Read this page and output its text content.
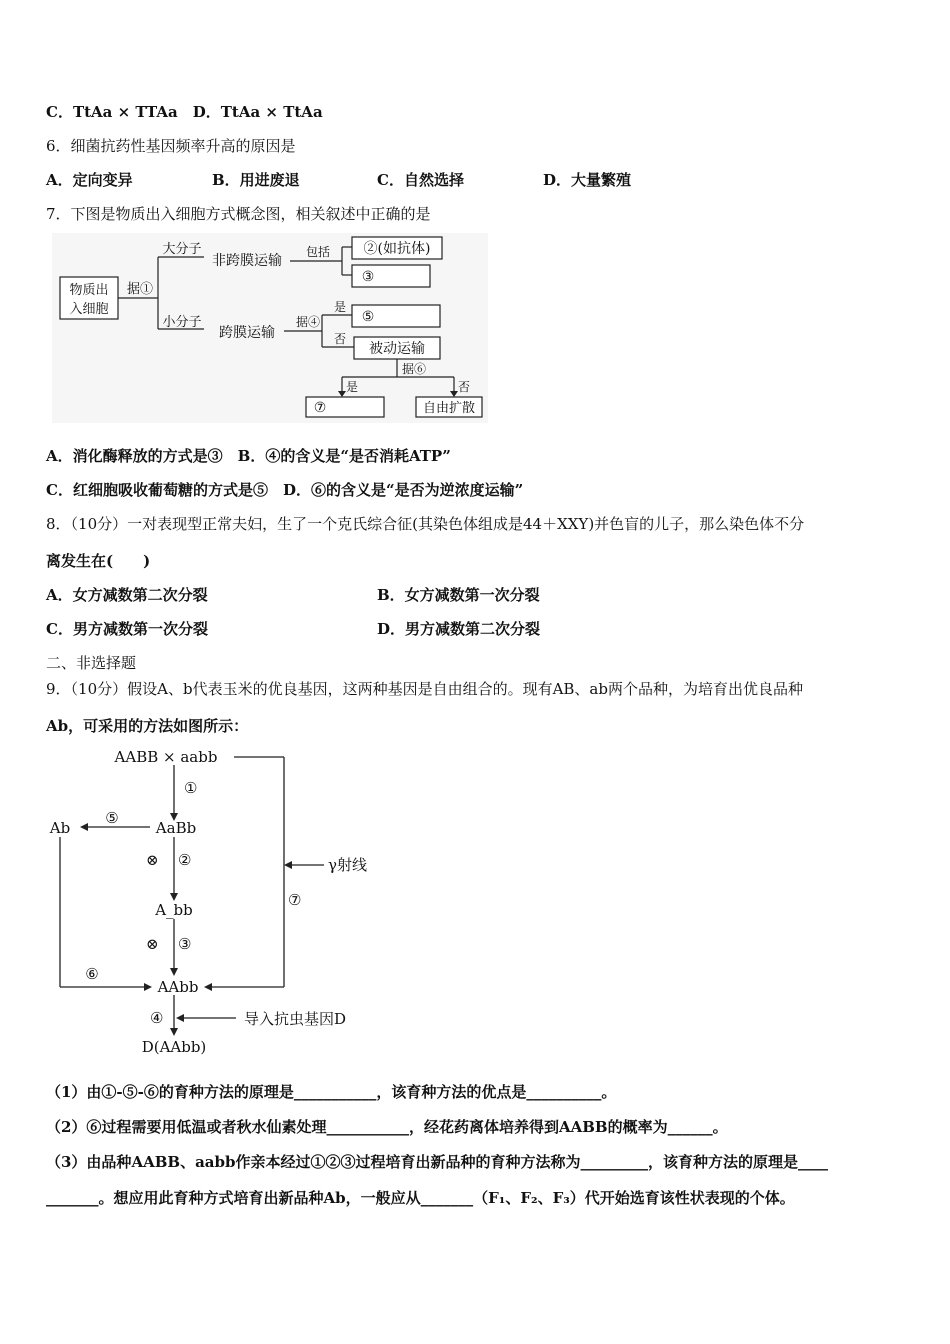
C．TtAa × TTAa　 D．TtAa × TtAa
6．细菌抗药性基因频率升高的原因是
A．定向变异	B．用进废退	C．自然选择	D．大量繁殖
7．下图是物质出入细胞方式概念图，相关叙述中正确的是
物质出
入细胞
据①
大分子
小分子
非跨膜运输
包括 ②(如抗体)
③
跨膜运输
据④
是
否
⑤
被动运输
据⑥
是	否
⑦	自由扩散
A．消化酶释放的方式是③　B．④的含义是“是否消耗ATP”
C．红细胞吸收葡萄糖的方式是⑤　D．⑥的含义是“是否为逆浓度运输”
8．（10分）一对表现型正常夫妇，生了一个克氏综合征(其染色体组成是44＋XXY)并色盲的儿子，那么染色体不分
离发生在(　　)
A．女方减数第二次分裂	B．女方减数第一次分裂
C．男方减数第一次分裂	D．男方减数第二次分裂
二、非选择题
9．（10分）假设A、b代表玉米的优良基因，这两种基因是自由组合的。现有AB、ab两个品种，为培育出优良品种
Ab，可采用的方法如图所示：
AABB × aabb
①
AaBb
⑤
Ab
⊗ ②
A_bb
⊗ ③
⑥
AAbb
④	导入抗虫基因D
D(AAbb)
γ射线
⑦
（1）由①-⑤-⑥的育种方法的原理是___________，该育种方法的优点是__________。
（2）⑥过程需要用低温或者秋水仙素处理___________，经花药离体培养得到AABB的概率为______。
（3）由品种AABB、aabb作亲本经过①②③过程培育出新品种的育种方法称为_________，该育种方法的原理是____
_______。想应用此育种方式培育出新品种Ab，一般应从_______（F₁、F₂、F₃）代开始选育该性状表现的个体。
